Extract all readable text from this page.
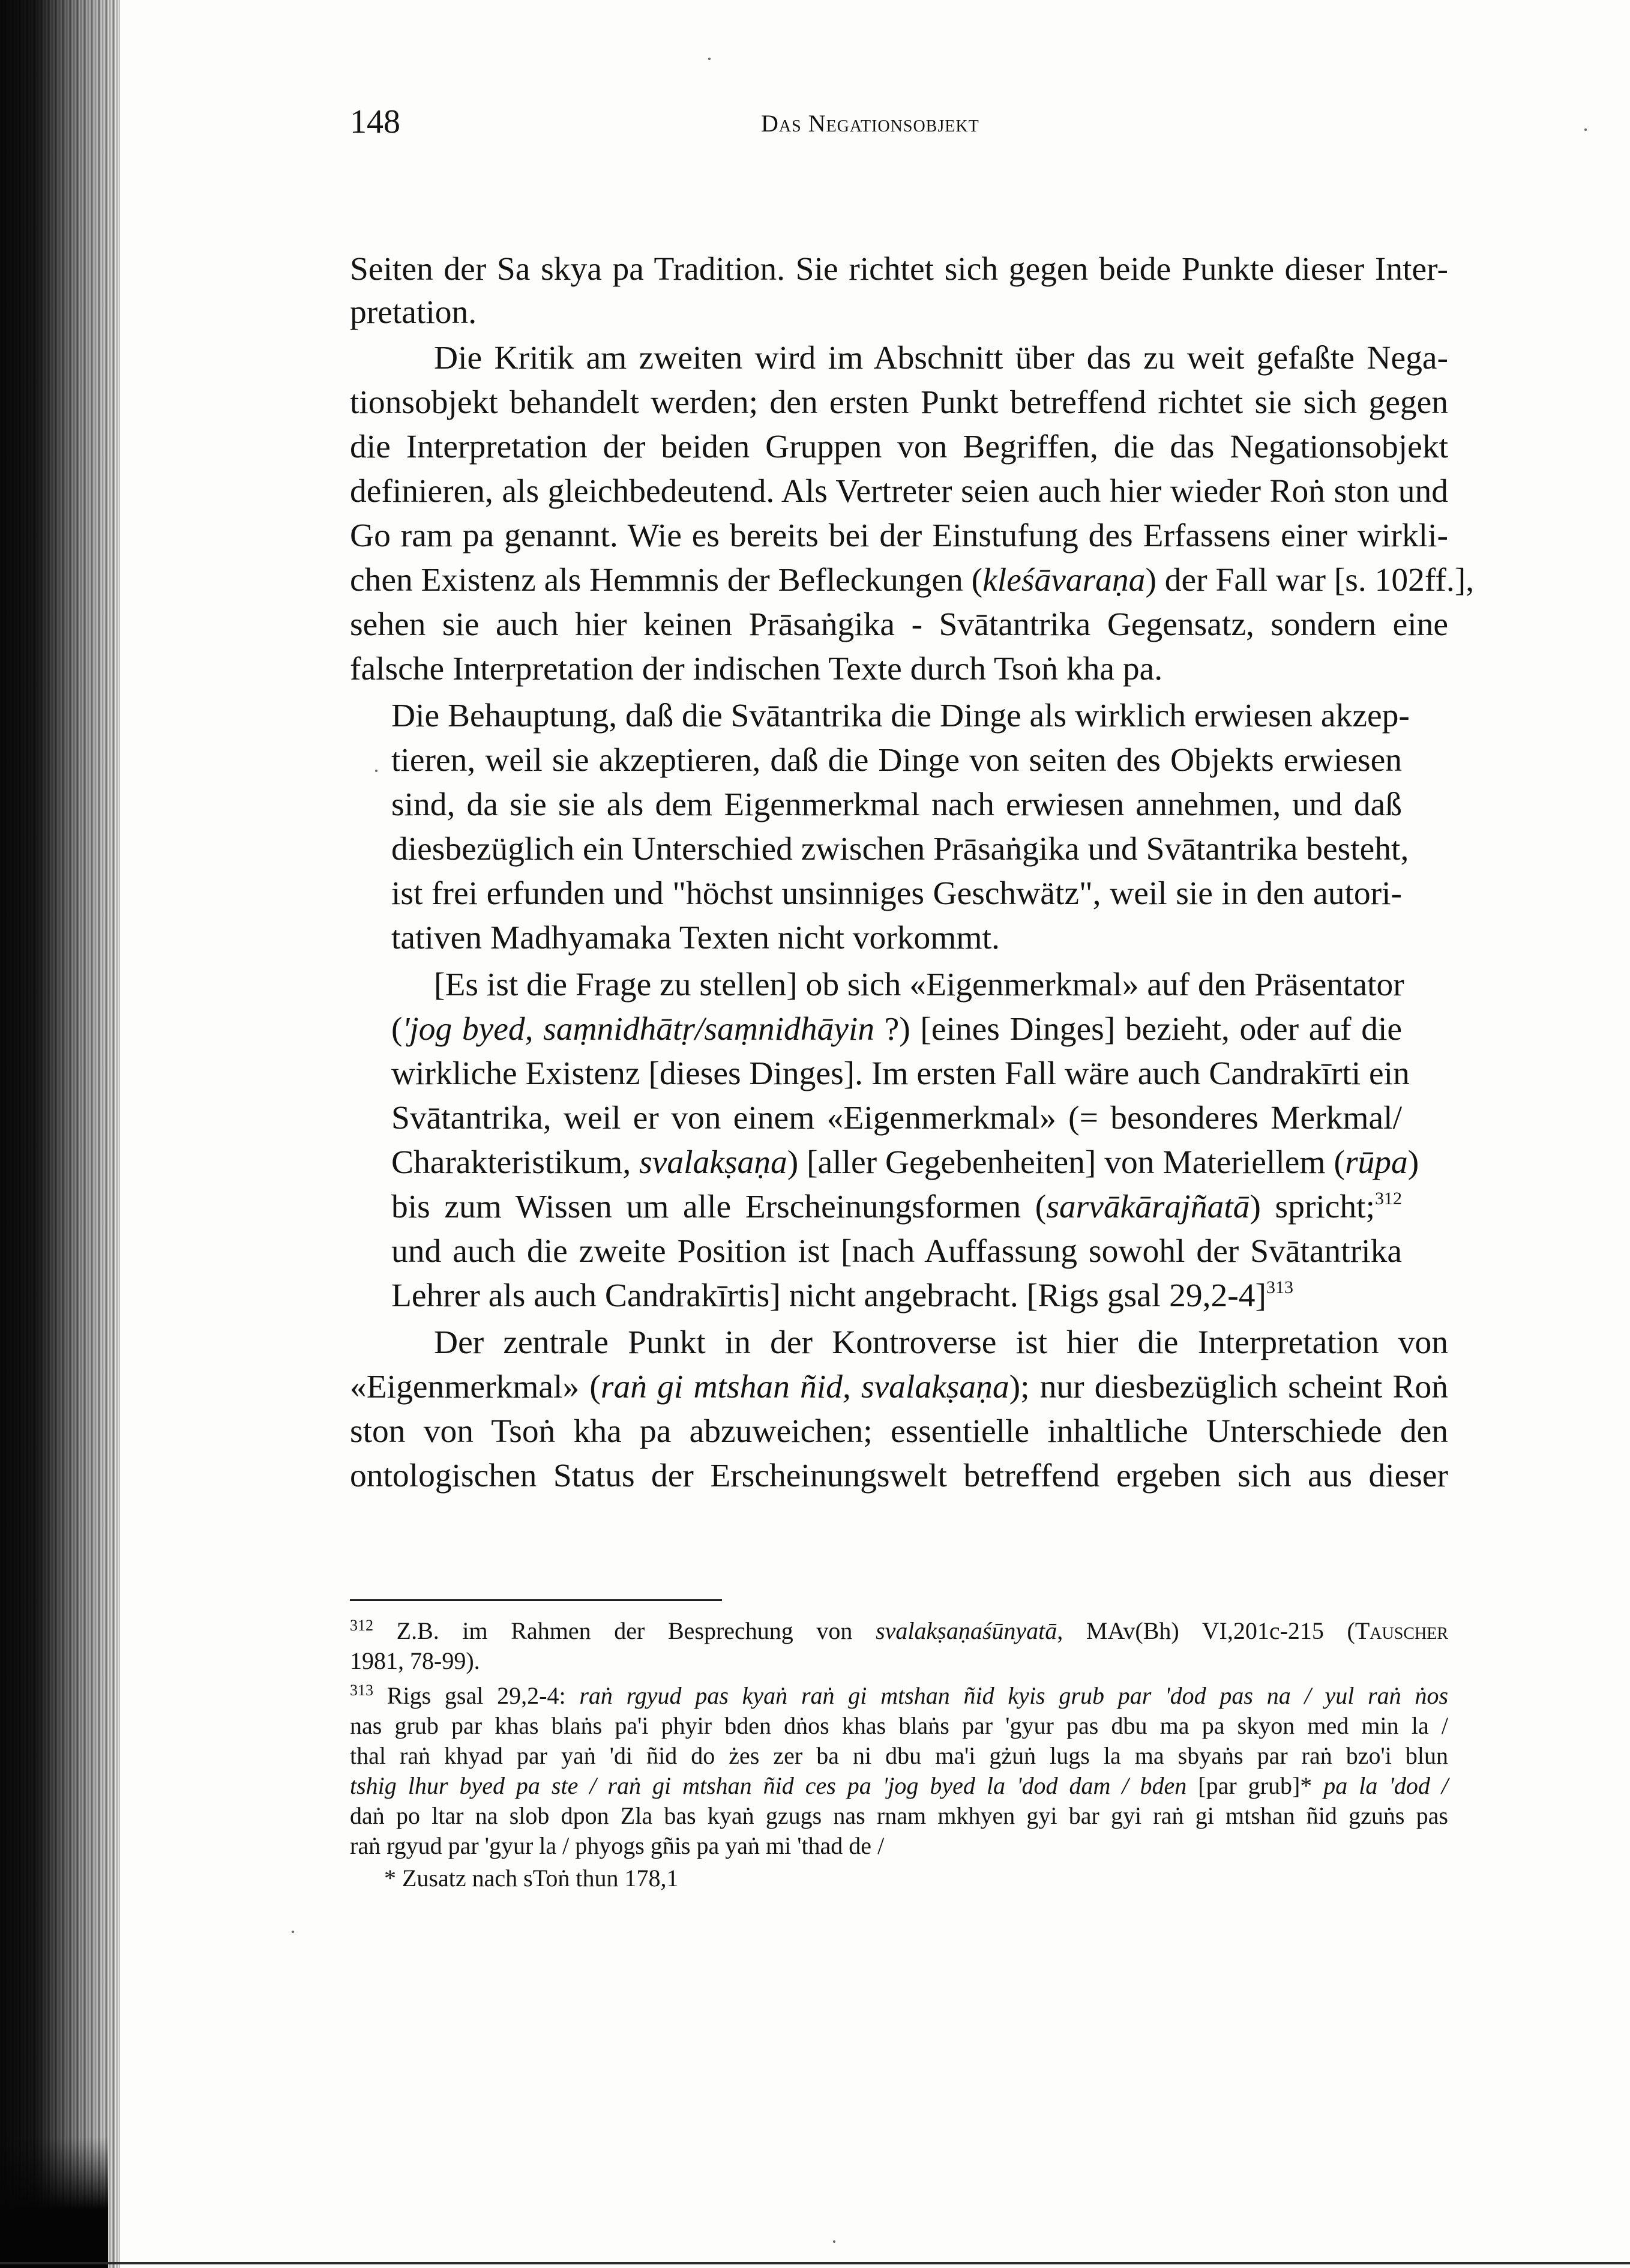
148	Das Negationsobjekt
Seiten der Sa skya pa Tradition. Sie richtet sich gegen beide Punkte dieser Inter-
pretation.
Die Kritik am zweiten wird im Abschnitt über das zu weit gefaßte Nega-
tionsobjekt behandelt werden; den ersten Punkt betreffend richtet sie sich gegen
die Interpretation der beiden Gruppen von Begriffen, die das Negationsobjekt
definieren, als gleichbedeutend. Als Vertreter seien auch hier wieder Roṅ ston und
Go ram pa genannt. Wie es bereits bei der Einstufung des Erfassens einer wirkli-
chen Existenz als Hemmnis der Befleckungen (kleśāvaraṇa) der Fall war [s. 102ff.],
sehen sie auch hier keinen Prāsaṅgika - Svātantrika Gegensatz, sondern eine
falsche Interpretation der indischen Texte durch Tsoṅ kha pa.
Die Behauptung, daß die Svātantrika die Dinge als wirklich erwiesen akzep-
tieren, weil sie akzeptieren, daß die Dinge von seiten des Objekts erwiesen
sind, da sie sie als dem Eigenmerkmal nach erwiesen annehmen, und daß
diesbezüglich ein Unterschied zwischen Prāsaṅgika und Svātantrika besteht,
ist frei erfunden und "höchst unsinniges Geschwätz", weil sie in den autori-
tativen Madhyamaka Texten nicht vorkommt.
[Es ist die Frage zu stellen] ob sich «Eigenmerkmal» auf den Präsentator
('jog byed, saṃnidhātṛ/saṃnidhāyin ?) [eines Dinges] bezieht, oder auf die
wirkliche Existenz [dieses Dinges]. Im ersten Fall wäre auch Candrakīrti ein
Svātantrika, weil er von einem «Eigenmerkmal» (= besonderes Merkmal/
Charakteristikum, svalakṣaṇa) [aller Gegebenheiten] von Materiellem (rūpa)
bis zum Wissen um alle Erscheinungsformen (sarvākārajñatā) spricht;$^{312}$
und auch die zweite Position ist [nach Auffassung sowohl der Svātantrika
Lehrer als auch Candrakīrtis] nicht angebracht. [Rigs gsal 29,2-4]$^{313}$
Der zentrale Punkt in der Kontroverse ist hier die Interpretation von
«Eigenmerkmal» (raṅ gi mtshan ñid, svalakṣaṇa); nur diesbezüglich scheint Roṅ
ston von Tsoṅ kha pa abzuweichen; essentielle inhaltliche Unterschiede den
ontologischen Status der Erscheinungswelt betreffend ergeben sich aus dieser
$^{312}$ Z.B. im Rahmen der Besprechung von svalakṣaṇaśūnyatā, MAv(Bh) VI,201c-215 (Tauscher
1981, 78-99).
$^{313}$ Rigs gsal 29,2-4: raṅ rgyud pas kyaṅ raṅ gi mtshan ñid kyis grub par 'dod pas na / yul raṅ ṅos
nas grub par khas blaṅs pa'i phyir bden dṅos khas blaṅs par 'gyur pas dbu ma pa skyon med min la /
thal raṅ khyad par yaṅ 'di ñid do żes zer ba ni dbu ma'i gżuṅ lugs la ma sbyaṅs par raṅ bzo'i blun
tshig lhur byed pa ste / raṅ gi mtshan ñid ces pa 'jog byed la 'dod dam / bden [par grub]* pa la 'dod /
daṅ po ltar na slob dpon Zla bas kyaṅ gzugs nas rnam mkhyen gyi bar gyi raṅ gi mtshan ñid gzuṅs pas
raṅ rgyud par 'gyur la / phyogs gñis pa yaṅ mi 'thad de /
* Zusatz nach sToṅ thun 178,1
